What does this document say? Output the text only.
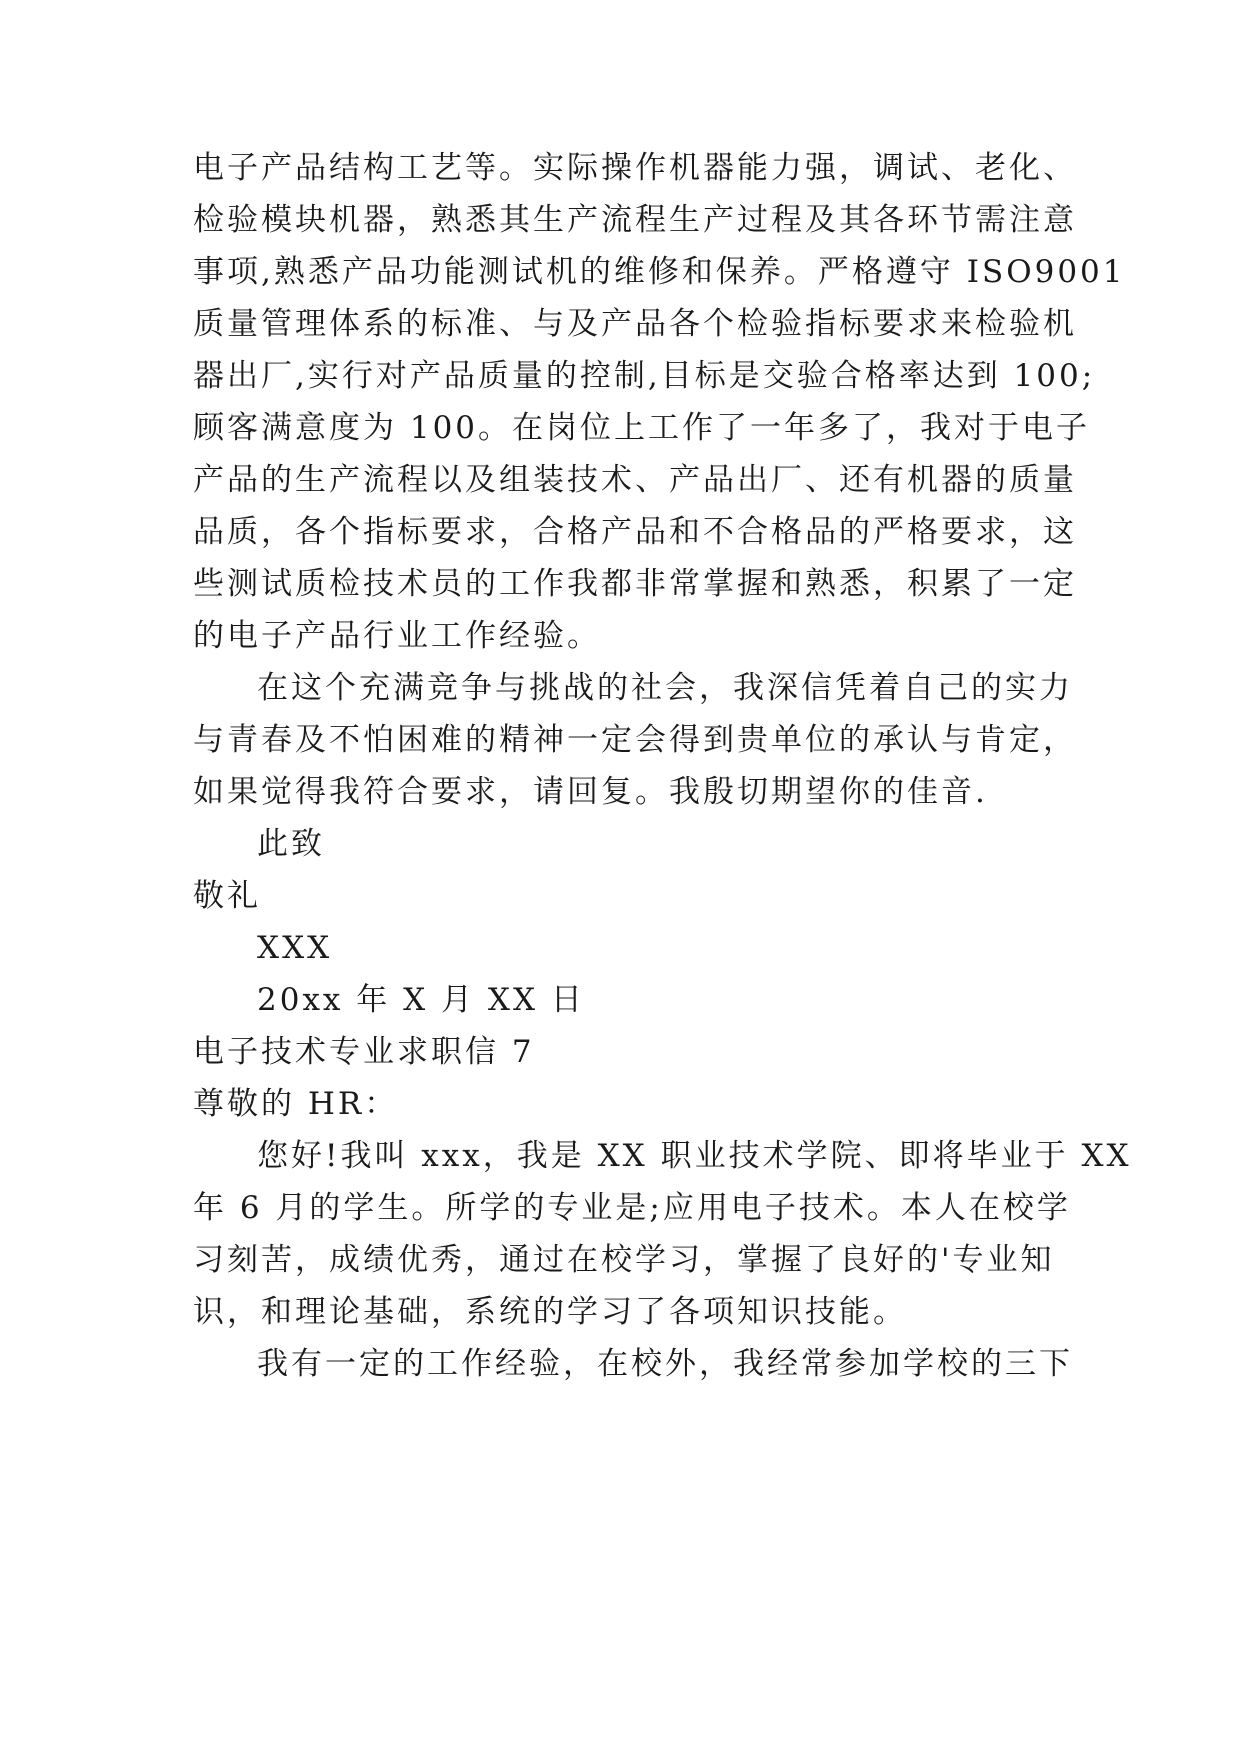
电子产品结构工艺等。实际操作机器能力强，调试、老化、
检验模块机器，熟悉其生产流程生产过程及其各环节需注意
事项,熟悉产品功能测试机的维修和保养。严格遵守 ISO9001
质量管理体系的标准、与及产品各个检验指标要求来检验机
器出厂,实行对产品质量的控制,目标是交验合格率达到 100;
顾客满意度为 100。在岗位上工作了一年多了，我对于电子
产品的生产流程以及组装技术、产品出厂、还有机器的质量
品质，各个指标要求，合格产品和不合格品的严格要求，这
些测试质检技术员的工作我都非常掌握和熟悉，积累了一定
的电子产品行业工作经验。
在这个充满竞争与挑战的社会，我深信凭着自己的实力
与青春及不怕困难的精神一定会得到贵单位的承认与肯定，
如果觉得我符合要求，请回复。我殷切期望你的佳音.
此致
敬礼
XXX
20xx 年 X 月 XX 日
电子技术专业求职信 7
尊敬的 HR：
您好!我叫 xxx，我是 XX 职业技术学院、即将毕业于 XX
年 6 月的学生。所学的专业是;应用电子技术。本人在校学
习刻苦，成绩优秀，通过在校学习，掌握了良好的'专业知
识，和理论基础，系统的学习了各项知识技能。
我有一定的工作经验，在校外，我经常参加学校的三下
